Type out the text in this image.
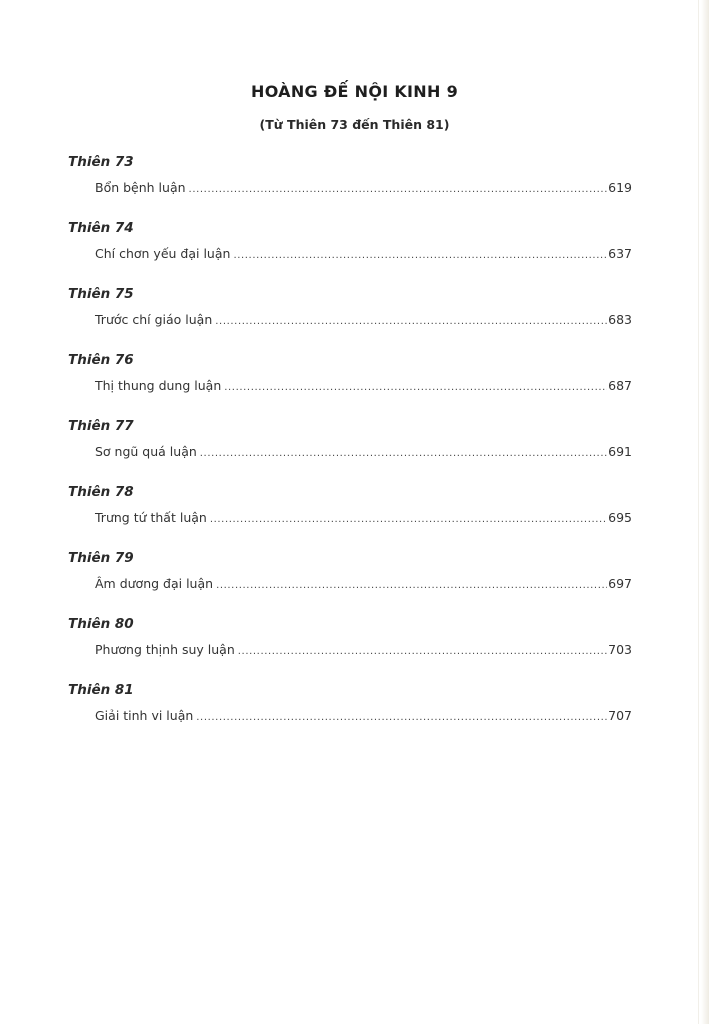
HOÀNG ĐẾ NỘI KINH 9
(Từ Thiên 73 đến Thiên 81)
Thiên 73
Bổn bệnh luận .....	619
Thiên 74
Chí chơn yếu đại luận .....	637
Thiên 75
Trước chí giáo luận .....	683
Thiên 76
Thị thung dung luận .....	687
Thiên 77
Sơ ngũ quá luận .....	691
Thiên 78
Trưng tứ thất luận .....	695
Thiên 79
Âm dương đại luận .....	697
Thiên 80
Phương thịnh suy luận .....	703
Thiên 81
Giải tinh vi luận .....	707
